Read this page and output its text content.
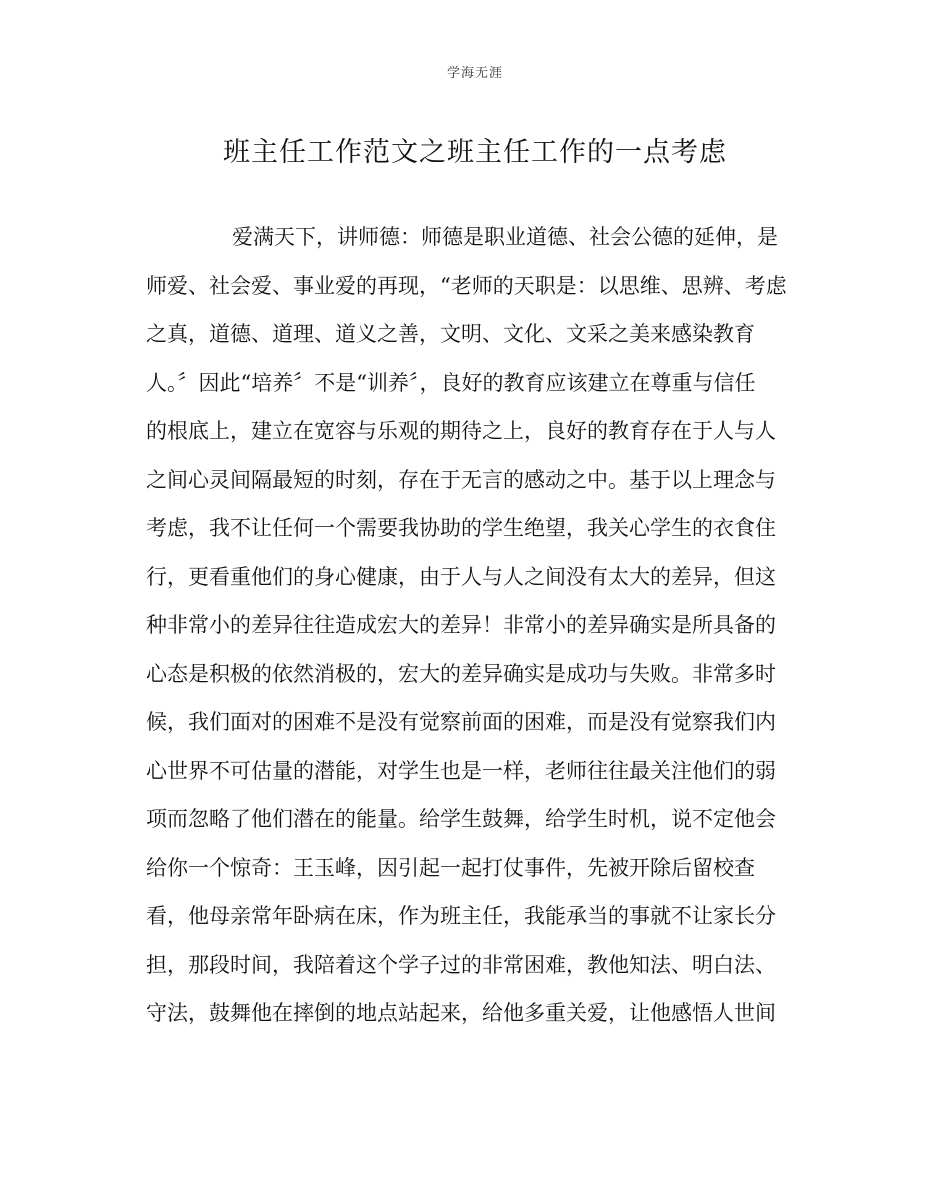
学海无涯
班主任工作范文之班主任工作的一点考虑
爱满天下，讲师德：师德是职业道德、社会公德的延伸，是
师爱、社会爱、事业爱的再现，“老师的天职是：以思维、思辨、考虑
之真，道德、道理、道义之善，文明、文化、文采之美来感染教育
人。〞因此“培养〞不是“训养〞，良好的教育应该建立在尊重与信任
的根底上，建立在宽容与乐观的期待之上，良好的教育存在于人与人
之间心灵间隔最短的时刻，存在于无言的感动之中。基于以上理念与
考虑，我不让任何一个需要我协助的学生绝望，我关心学生的衣食住
行，更看重他们的身心健康，由于人与人之间没有太大的差异，但这
种非常小的差异往往造成宏大的差异！非常小的差异确实是所具备的
心态是积极的依然消极的，宏大的差异确实是成功与失败。非常多时
候，我们面对的困难不是没有觉察前面的困难，而是没有觉察我们内
心世界不可估量的潜能，对学生也是一样，老师往往最关注他们的弱
项而忽略了他们潜在的能量。给学生鼓舞，给学生时机，说不定他会
给你一个惊奇：王玉峰，因引起一起打仗事件，先被开除后留校查
看，他母亲常年卧病在床，作为班主任，我能承当的事就不让家长分
担，那段时间，我陪着这个学子过的非常困难，教他知法、明白法、
守法，鼓舞他在摔倒的地点站起来，给他多重关爱，让他感悟人世间
